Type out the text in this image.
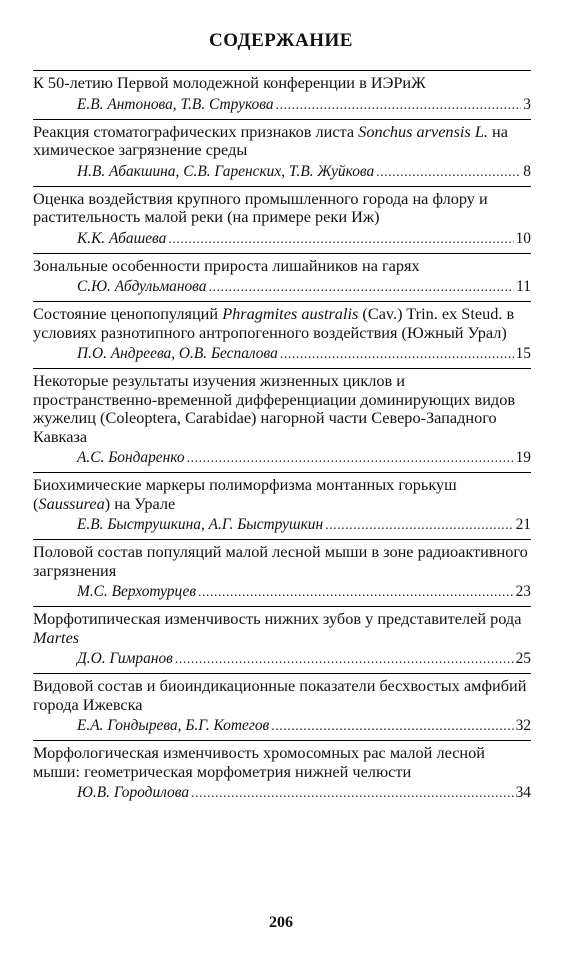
СОДЕРЖАНИЕ
К 50-летию Первой молодежной конференции в ИЭРиЖ
Е.В. Антонова, Т.В. Струкова . . .	3
Реакция стоматографических признаков листа Sonchus arvensis L. на химическое загрязнение среды
Н.В. Абакшина, С.В. Гаренских, Т.В. Жуйкова . . .	8
Оценка воздействия крупного промышленного города на флору и растительность малой реки (на примере реки Иж)
К.К. Абашева . . .	10
Зональные особенности прироста лишайников на гарях
С.Ю. Абдульманова . . .	11
Состояние ценопопуляций Phragmites australis (Cav.) Trin. ex Steud. в условиях разнотипного антропогенного воздействия (Южный Урал)
П.О. Андреева, О.В. Беспалова . . .	15
Некоторые результаты изучения жизненных циклов и пространственно-временной дифференциации доминирующих видов жужелиц (Coleoptera, Carabidae) нагорной части Северо-Западного Кавказа
А.С. Бондаренко . . .	19
Биохимические маркеры полиморфизма монтанных горькуш (Saussurea) на Урале
Е.В. Быструшкина, А.Г. Быструшкин . . .	21
Половой состав популяций малой лесной мыши в зоне радиоактивного загрязнения
М.С. Верхотурцев . . .	23
Морфотипическая изменчивость нижних зубов у представителей рода Martes
Д.О. Гимранов . . .	25
Видовой состав и биоиндикационные показатели бесхвостых амфибий города Ижевска
Е.А. Гондырева, Б.Г. Котегов . . .	32
Морфологическая изменчивость хромосомных рас малой лесной мыши: геометрическая морфометрия нижней челюсти
Ю.В. Городилова . . .	34
206
